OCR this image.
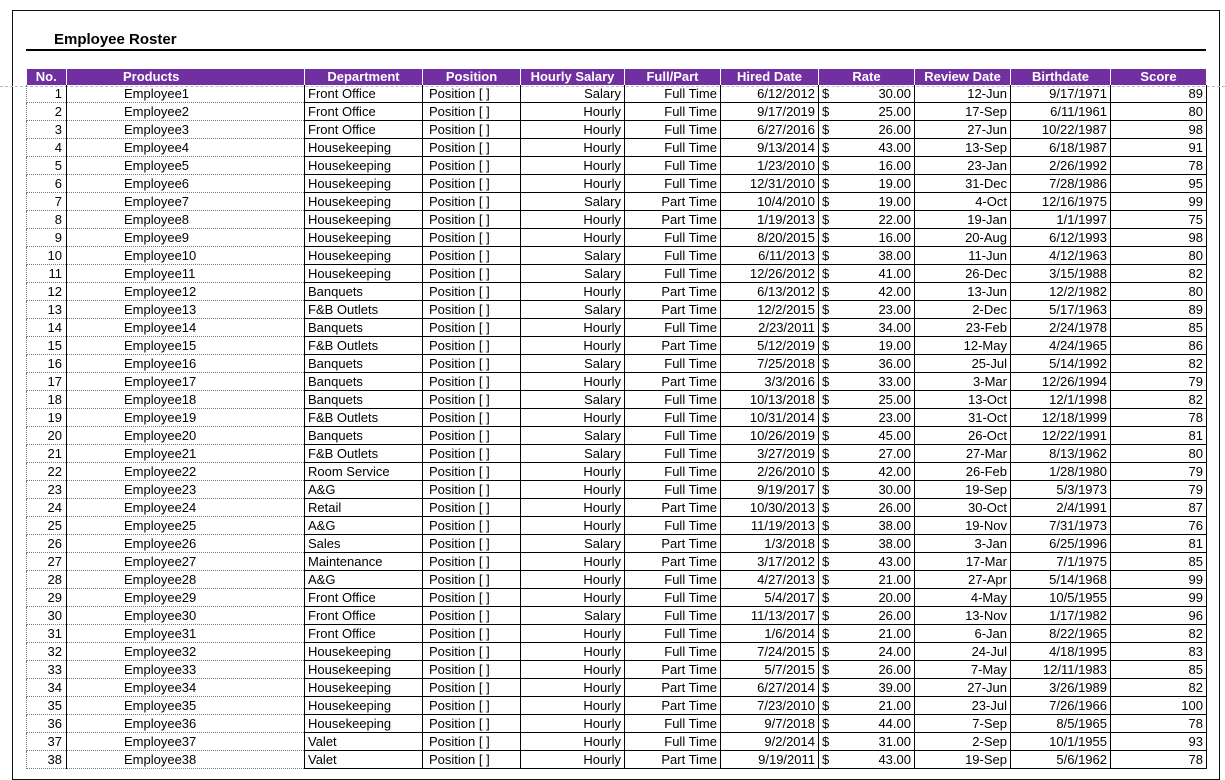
Employee Roster
No.	Products	Department	Position	Hourly Salary	Full/Part	Hired Date	Rate	Review Date	Birthdate	Score
1	Employee1	Front Office	Position [ ]	Salary	Full Time	6/12/2012	$ 30.00	12-Jun	9/17/1971	89
2	Employee2	Front Office	Position [ ]	Hourly	Full Time	9/17/2019	$ 25.00	17-Sep	6/11/1961	80
3	Employee3	Front Office	Position [ ]	Hourly	Full Time	6/27/2016	$ 26.00	27-Jun	10/22/1987	98
4	Employee4	Housekeeping	Position [ ]	Hourly	Full Time	9/13/2014	$ 43.00	13-Sep	6/18/1987	91
5	Employee5	Housekeeping	Position [ ]	Hourly	Full Time	1/23/2010	$ 16.00	23-Jan	2/26/1992	78
6	Employee6	Housekeeping	Position [ ]	Hourly	Full Time	12/31/2010	$ 19.00	31-Dec	7/28/1986	95
7	Employee7	Housekeeping	Position [ ]	Salary	Part Time	10/4/2010	$ 19.00	4-Oct	12/16/1975	99
8	Employee8	Housekeeping	Position [ ]	Hourly	Part Time	1/19/2013	$ 22.00	19-Jan	1/1/1997	75
9	Employee9	Housekeeping	Position [ ]	Hourly	Full Time	8/20/2015	$ 16.00	20-Aug	6/12/1993	98
10	Employee10	Housekeeping	Position [ ]	Salary	Full Time	6/11/2013	$ 38.00	11-Jun	4/12/1963	80
11	Employee11	Housekeeping	Position [ ]	Salary	Full Time	12/26/2012	$ 41.00	26-Dec	3/15/1988	82
12	Employee12	Banquets	Position [ ]	Hourly	Part Time	6/13/2012	$ 42.00	13-Jun	12/2/1982	80
13	Employee13	F&B Outlets	Position [ ]	Salary	Part Time	12/2/2015	$ 23.00	2-Dec	5/17/1963	89
14	Employee14	Banquets	Position [ ]	Hourly	Full Time	2/23/2011	$ 34.00	23-Feb	2/24/1978	85
15	Employee15	F&B Outlets	Position [ ]	Hourly	Part Time	5/12/2019	$ 19.00	12-May	4/24/1965	86
16	Employee16	Banquets	Position [ ]	Salary	Full Time	7/25/2018	$ 36.00	25-Jul	5/14/1992	82
17	Employee17	Banquets	Position [ ]	Hourly	Part Time	3/3/2016	$ 33.00	3-Mar	12/26/1994	79
18	Employee18	Banquets	Position [ ]	Salary	Full Time	10/13/2018	$ 25.00	13-Oct	12/1/1998	82
19	Employee19	F&B Outlets	Position [ ]	Hourly	Full Time	10/31/2014	$ 23.00	31-Oct	12/18/1999	78
20	Employee20	Banquets	Position [ ]	Salary	Full Time	10/26/2019	$ 45.00	26-Oct	12/22/1991	81
21	Employee21	F&B Outlets	Position [ ]	Salary	Full Time	3/27/2019	$ 27.00	27-Mar	8/13/1962	80
22	Employee22	Room Service	Position [ ]	Hourly	Full Time	2/26/2010	$ 42.00	26-Feb	1/28/1980	79
23	Employee23	A&G	Position [ ]	Hourly	Full Time	9/19/2017	$ 30.00	19-Sep	5/3/1973	79
24	Employee24	Retail	Position [ ]	Hourly	Part Time	10/30/2013	$ 26.00	30-Oct	2/4/1991	87
25	Employee25	A&G	Position [ ]	Hourly	Full Time	11/19/2013	$ 38.00	19-Nov	7/31/1973	76
26	Employee26	Sales	Position [ ]	Salary	Part Time	1/3/2018	$ 38.00	3-Jan	6/25/1996	81
27	Employee27	Maintenance	Position [ ]	Hourly	Part Time	3/17/2012	$ 43.00	17-Mar	7/1/1975	85
28	Employee28	A&G	Position [ ]	Hourly	Full Time	4/27/2013	$ 21.00	27-Apr	5/14/1968	99
29	Employee29	Front Office	Position [ ]	Hourly	Full Time	5/4/2017	$ 20.00	4-May	10/5/1955	99
30	Employee30	Front Office	Position [ ]	Salary	Full Time	11/13/2017	$ 26.00	13-Nov	1/17/1982	96
31	Employee31	Front Office	Position [ ]	Hourly	Full Time	1/6/2014	$ 21.00	6-Jan	8/22/1965	82
32	Employee32	Housekeeping	Position [ ]	Hourly	Full Time	7/24/2015	$ 24.00	24-Jul	4/18/1995	83
33	Employee33	Housekeeping	Position [ ]	Hourly	Part Time	5/7/2015	$ 26.00	7-May	12/11/1983	85
34	Employee34	Housekeeping	Position [ ]	Hourly	Part Time	6/27/2014	$ 39.00	27-Jun	3/26/1989	82
35	Employee35	Housekeeping	Position [ ]	Hourly	Part Time	7/23/2010	$ 21.00	23-Jul	7/26/1966	100
36	Employee36	Housekeeping	Position [ ]	Hourly	Full Time	9/7/2018	$ 44.00	7-Sep	8/5/1965	78
37	Employee37	Valet	Position [ ]	Hourly	Full Time	9/2/2014	$ 31.00	2-Sep	10/1/1955	93
38	Employee38	Valet	Position [ ]	Hourly	Part Time	9/19/2011	$ 43.00	19-Sep	5/6/1962	78
